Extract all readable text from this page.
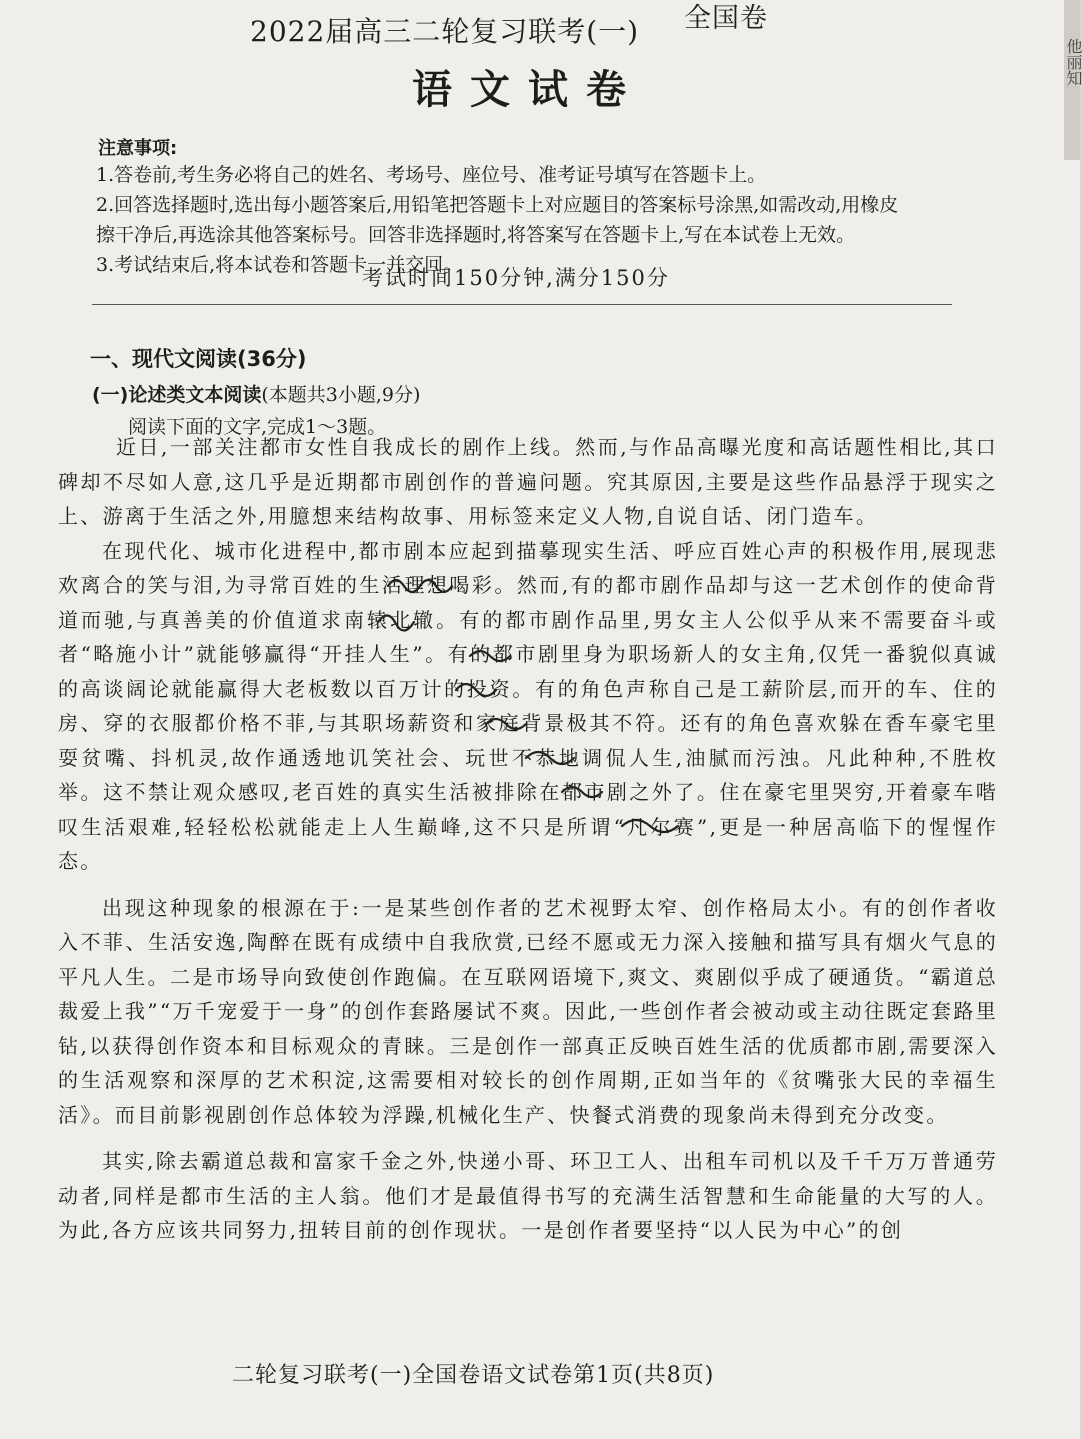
他丽知
2022届高三二轮复习联考(一) 全国卷
语文试卷
注意事项:
1.答卷前,考生务必将自己的姓名、考场号、座位号、准考证号填写在答题卡上。
2.回答选择题时,选出每小题答案后,用铅笔把答题卡上对应题目的答案标号涂黑,如需改动,用橡皮
擦干净后,再选涂其他答案标号。回答非选择题时,将答案写在答题卡上,写在本试卷上无效。
3.考试结束后,将本试卷和答题卡一并交回。
考试时间150分钟,满分150分
一、现代文阅读(36分)
(一)论述类文本阅读(本题共3小题,9分)
阅读下面的文字,完成1～3题。

近日,一部关注都市女性自我成长的剧作上线。然而,与作品高曝光度和高话题性相比,其口碑却不尽如人意,这几乎是近期都市剧创作的普遍问题。究其原因,主要是这些作品悬浮于现实之上、游离于生活之外,用臆想来结构故事、用标签来定义人物,自说自话、闭门造车。

在现代化、城市化进程中,都市剧本应起到描摹现实生活、呼应百姓心声的积极作用,展现悲欢离合的笑与泪,为寻常百姓的生活理想喝彩。然而,有的都市剧作品却与这一艺术创作的使命背道而驰,与真善美的价值道求南辕北辙。有的都市剧作品里,男女主人公似乎从来不需要奋斗或者“略施小计”就能够赢得“开挂人生”。有的都市剧里身为职场新人的女主角,仅凭一番貌似真诚的高谈阔论就能赢得大老板数以百万计的投资。有的角色声称自己是工薪阶层,而开的车、住的房、穿的衣服都价格不菲,与其职场薪资和家庭背景极其不符。还有的角色喜欢躲在香车豪宅里耍贫嘴、抖机灵,故作通透地讥笑社会、玩世不恭地调侃人生,油腻而污浊。凡此种种,不胜枚举。这不禁让观众感叹,老百姓的真实生活被排除在都市剧之外了。住在豪宅里哭穷,开着豪车喈叹生活艰难,轻轻松松就能走上人生巅峰,这不只是所谓“凡尔赛”,更是一种居高临下的惺惺作态。

出现这种现象的根源在于:一是某些创作者的艺术视野太窄、创作格局太小。有的创作者收入不菲、生活安逸,陶醉在既有成绩中自我欣赏,已经不愿或无力深入接触和描写具有烟火气息的平凡人生。二是市场导向致使创作跑偏。在互联网语境下,爽文、爽剧似乎成了硬通货。“霸道总裁爱上我”“万千宠爱于一身”的创作套路屡试不爽。因此,一些创作者会被动或主动往既定套路里钻,以获得创作资本和目标观众的青睐。三是创作一部真正反映百姓生活的优质都市剧,需要深入的生活观察和深厚的艺术积淀,这需要相对较长的创作周期,正如当年的《贫嘴张大民的幸福生活》。而目前影视剧创作总体较为浮躁,机械化生产、快餐式消费的现象尚未得到充分改变。

其实,除去霸道总裁和富家千金之外,快递小哥、环卫工人、出租车司机以及千千万万普通劳动者,同样是都市生活的主人翁。他们才是最值得书写的充满生活智慧和生命能量的大写的人。为此,各方应该共同努力,扭转目前的创作现状。一是创作者要坚持“以人民为中心”的创

二轮复习联考(一)全国卷语文试卷第1页(共8页)
